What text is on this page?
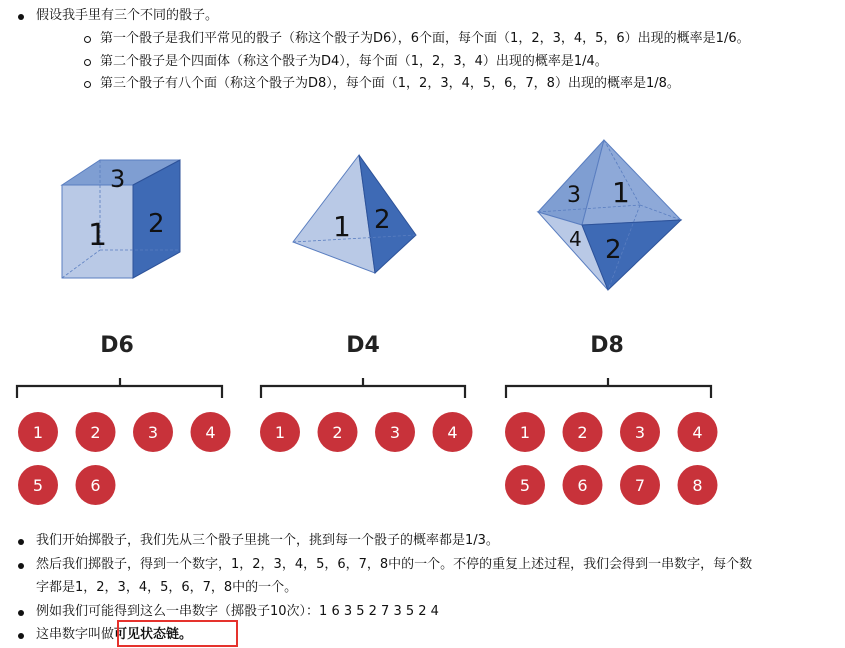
假设我手里有三个不同的骰子。
第一个骰子是我们平常见的骰子（称这个骰子为D6），6个面，每个面（1，2，3，4，5，6）出现的概率是1/6。
第二个骰子是个四面体（称这个骰子为D4），每个面（1，2，3，4）出现的概率是1/4。
第三个骰子有八个面（称这个骰子为D8），每个面（1，2，3，4，5，6，7，8）出现的概率是1/8。
3
1 2	1 2
3 1
4 2
D6	D4	D8
1	2	3	4
5	6
1	2	3	4	1	2	3	4
5	6	7	8
我们开始掷骰子，我们先从三个骰子里挑一个，挑到每一个骰子的概率都是1/3。
然后我们掷骰子，得到一个数字，1，2，3，4，5，6，7，8中的一个。不停的重复上述过程，我们会得到一串数字，每个数字都是1，2，3，4，5，6，7，8中的一个。
例如我们可能得到这么一串数字（掷骰子10次）：1 6 3 5 2 7 3 5 2 4
这串数字叫做可见状态链。
